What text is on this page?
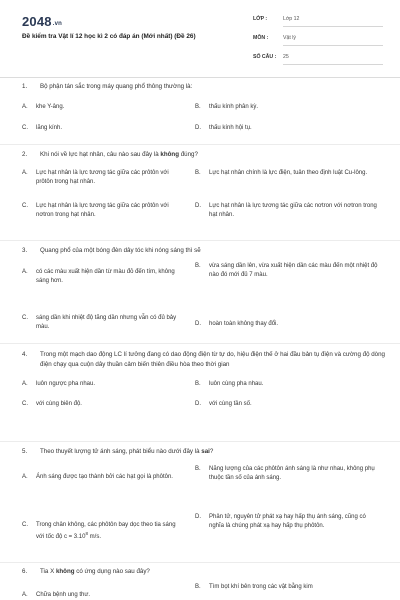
2048.vn
Đề kiểm tra Vật lí 12 học kì 2 có đáp án (Mới nhất) (Đề 26)
LỚP :	Lớp 12
MÔN :	Vật lý
SỐ CÂU :	25
1.	Bộ phận tán sắc trong máy quang phổ thông thường là:
A.	khe Y-âng.	B.	thấu kính phân kỳ.
C.	lăng kính.	D.	thấu kính hội tụ.
2.	Khi nói về lực hạt nhân, câu nào sau đây là không đúng?
A.	Lực hạt nhân là lực tương tác giữa các prôtôn với prôtôn trong hạt nhân.
B.	Lực hạt nhân chính là lực điện, tuân theo định luật Cu-lông.
C.	Lực hạt nhân là lực tương tác giữa các prôtôn với nơtron trong hạt nhân.
D.	Lực hạt nhân là lực tương tác giữa các nơtron với nơtron trong hạt nhân.
3.	Quang phổ của một bóng đèn dây tóc khi nóng sáng thì sẽ
A.	có các màu xuất hiện dần từ màu đỏ đến tím, không sáng hơn.
B.	vừa sáng dần lên, vừa xuất hiện dần các màu đến một nhiệt độ nào đó mới đủ 7 màu.
C.	sáng dần khi nhiệt độ tăng dần nhưng vẫn có đủ bảy màu.
D.	hoàn toàn không thay đổi.
4.	Trong một mạch dao động LC lí tưởng đang có dao động điện từ tự do, hiệu điện thế ở hai đầu bản tụ điện và cường độ dòng điện chạy qua cuộn dây thuần cảm biến thiên điều hòa theo thời gian
A.	luôn ngược pha nhau.	B.	luôn cùng pha nhau.
C.	với cùng biên độ.	D.	với cùng tần số.
5.	Theo thuyết lượng tử ánh sáng, phát biểu nào dưới đây là sai?
A.	Ánh sáng được tạo thành bởi các hạt gọi là phôtôn.
B.	Năng lượng của các phôtôn ánh sáng là như nhau, không phụ thuộc tần số của ánh sáng.
C.	Trong chân không, các phôtôn bay dọc theo tia sáng với tốc độ $c = 3.10^8$ m/s.
D.	Phân tử, nguyên tử phát xạ hay hấp thụ ánh sáng, cũng có nghĩa là chúng phát xạ hay hấp thụ phôtôn.
6.	Tia X không có ứng dụng nào sau đây?
A.	Chữa bệnh ung thư.
B.	Tìm bọt khí bên trong các vật bằng kim
